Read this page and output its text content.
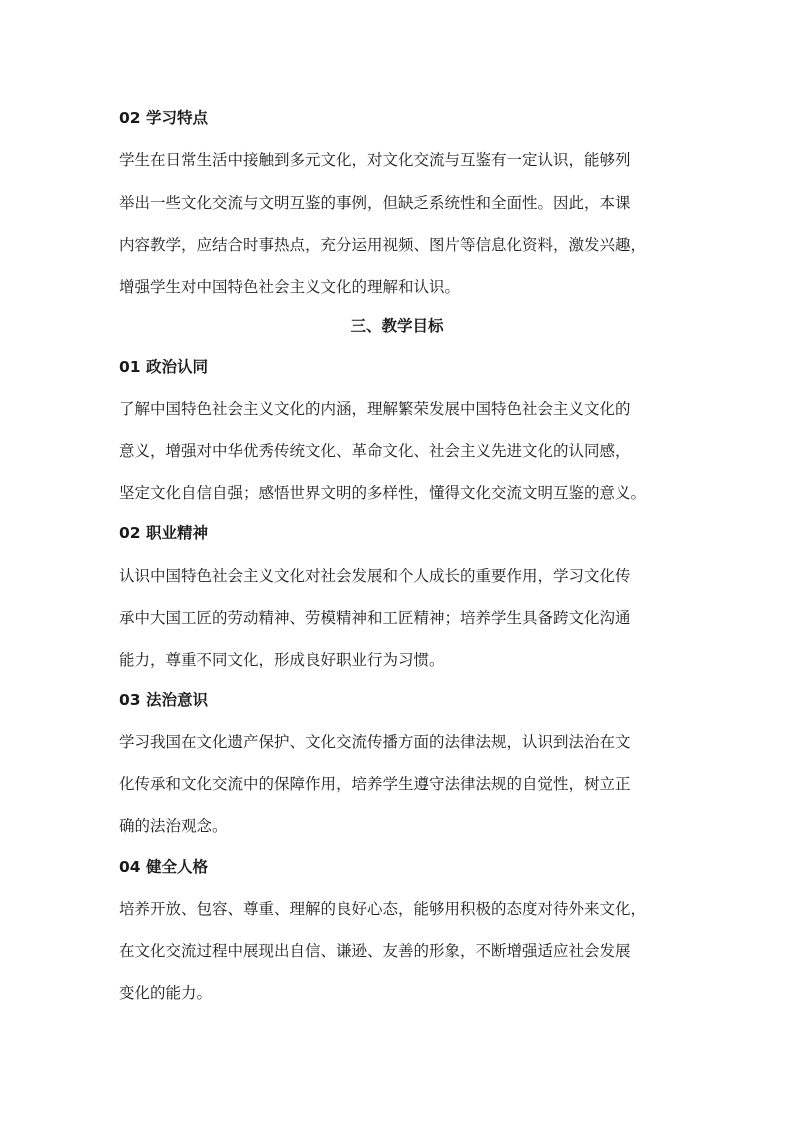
02 学习特点
学生在日常生活中接触到多元文化，对文化交流与互鉴有一定认识，能够列
举出一些文化交流与文明互鉴的事例，但缺乏系统性和全面性。因此，本课
内容教学，应结合时事热点，充分运用视频、图片等信息化资料，激发兴趣，
增强学生对中国特色社会主义文化的理解和认识。
三、教学目标
01 政治认同
了解中国特色社会主义文化的内涵，理解繁荣发展中国特色社会主义文化的
意义，增强对中华优秀传统文化、革命文化、社会主义先进文化的认同感，
坚定文化自信自强；感悟世界文明的多样性，懂得文化交流文明互鉴的意义。
02 职业精神
认识中国特色社会主义文化对社会发展和个人成长的重要作用，学习文化传
承中大国工匠的劳动精神、劳模精神和工匠精神；培养学生具备跨文化沟通
能力，尊重不同文化，形成良好职业行为习惯。
03 法治意识
学习我国在文化遗产保护、文化交流传播方面的法律法规，认识到法治在文
化传承和文化交流中的保障作用，培养学生遵守法律法规的自觉性，树立正
确的法治观念。
04 健全人格
培养开放、包容、尊重、理解的良好心态，能够用积极的态度对待外来文化，
在文化交流过程中展现出自信、谦逊、友善的形象，不断增强适应社会发展
变化的能力。
